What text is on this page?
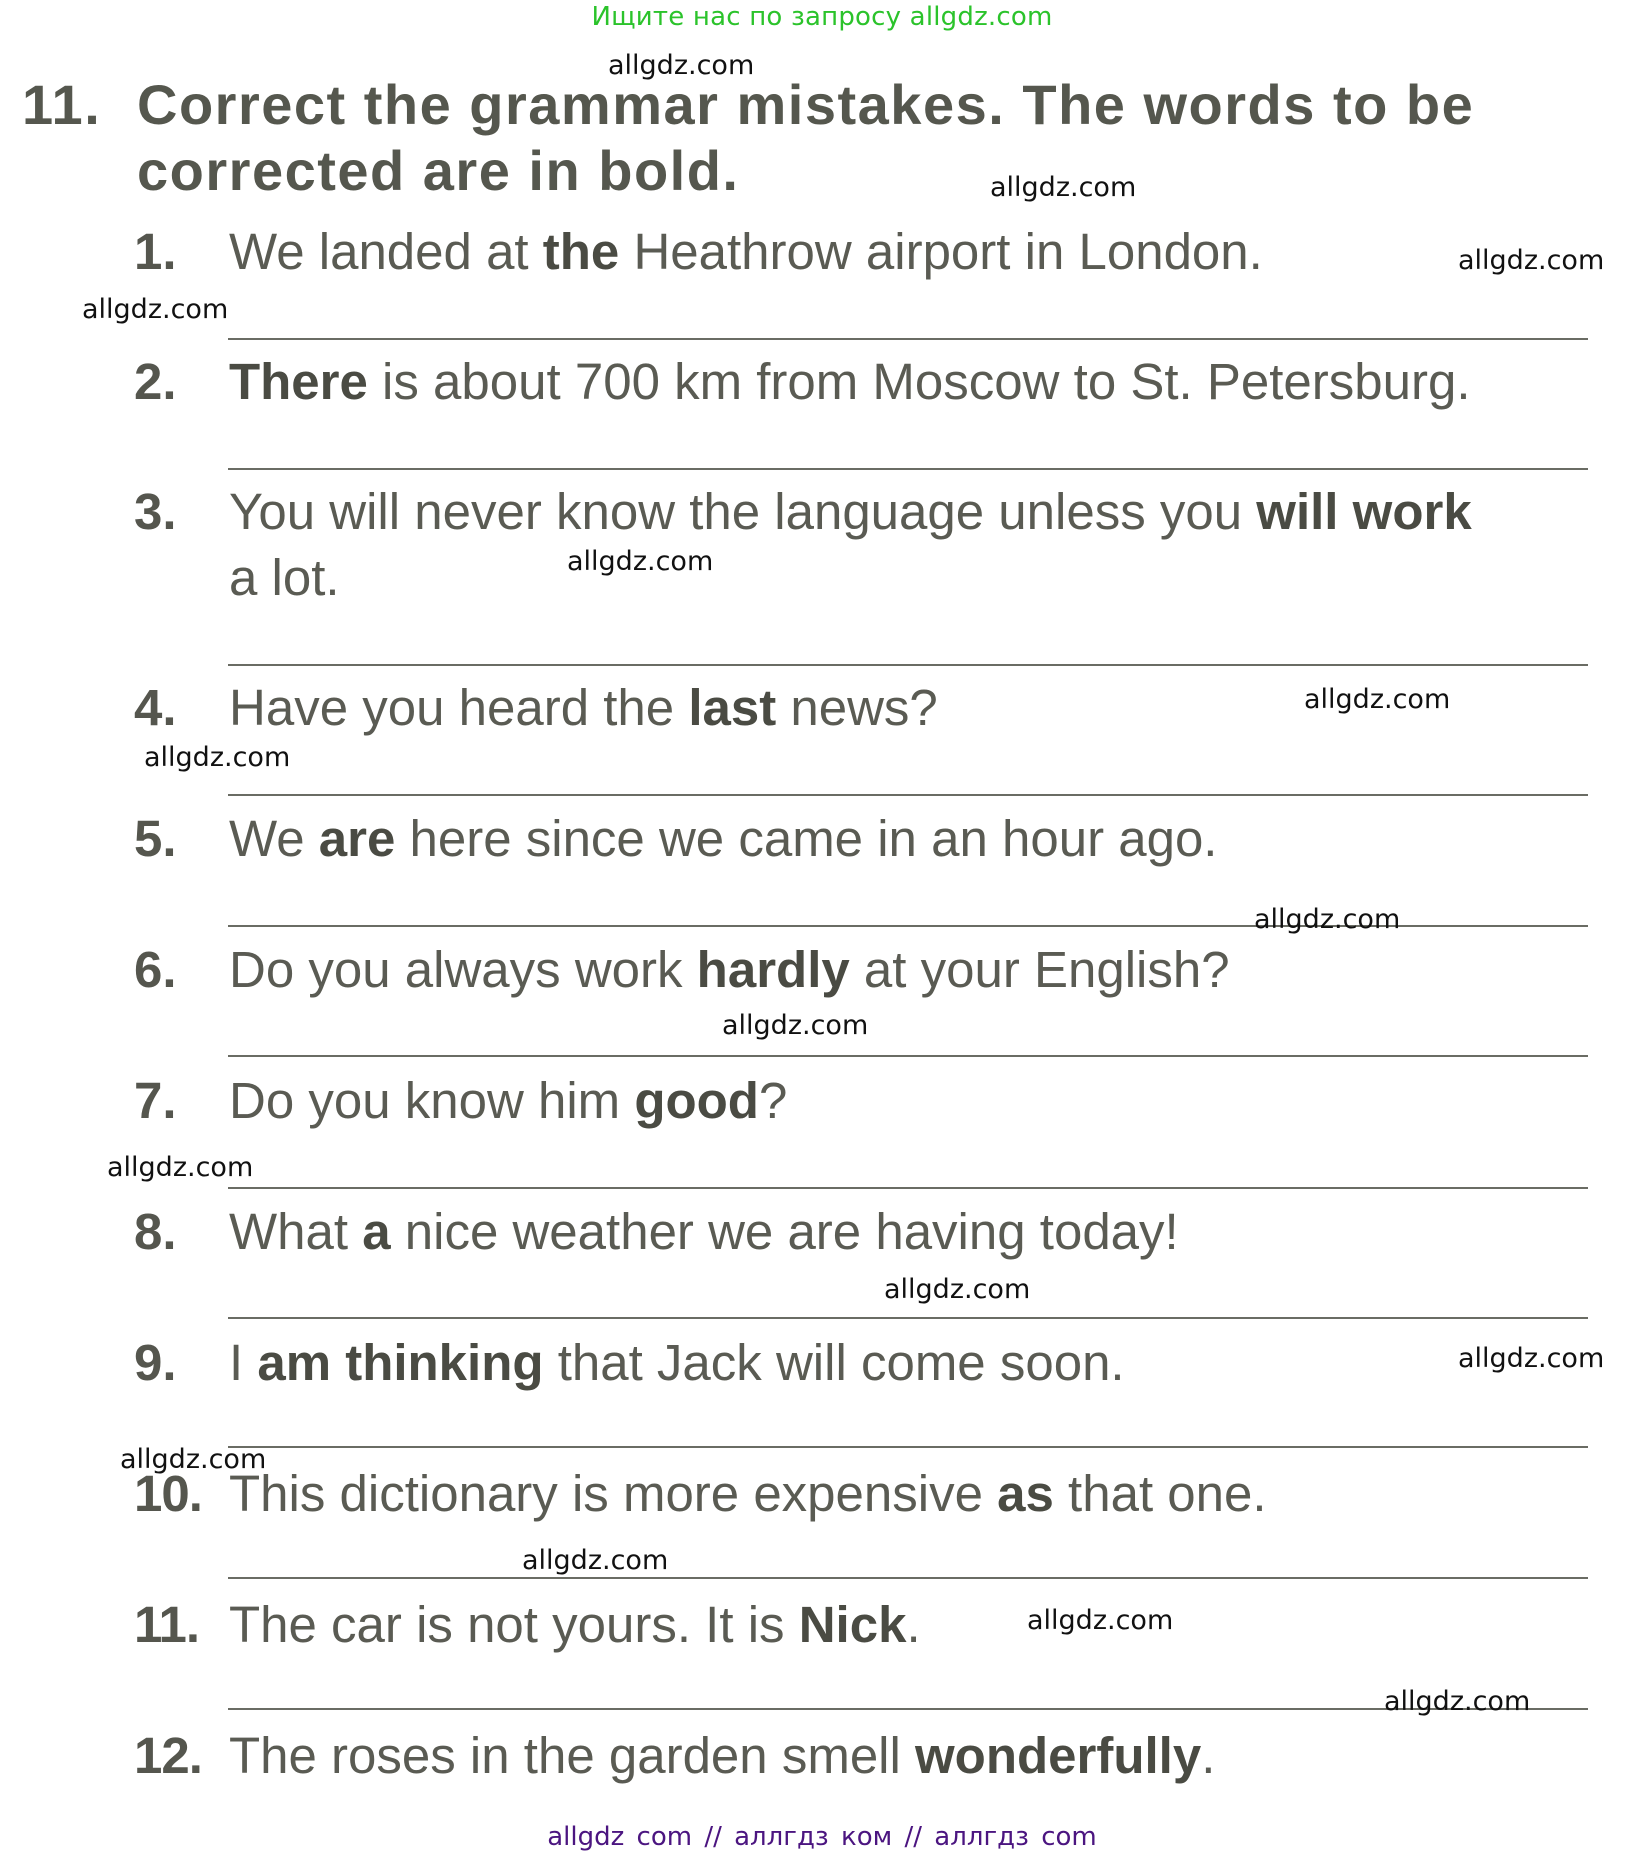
Ищите нас по запросу allgdz.com
11. Correct the grammar mistakes. The words to be
corrected are in bold.
1. We landed at the Heathrow airport in London.
2. There is about 700 km from Moscow to St. Petersburg.
3. You will never know the language unless you will work
a lot.
4. Have you heard the last news?
5. We are here since we came in an hour ago.
6. Do you always work hardly at your English?
7. Do you know him good?
8. What a nice weather we are having today!
9. I am thinking that Jack will come soon.
10. This dictionary is more expensive as that one.
11. The car is not yours. It is Nick.
12. The roses in the garden smell wonderfully.
allgdz.com
allgdz.com
allgdz.com
allgdz.com
allgdz.com
allgdz.com
allgdz.com
allgdz.com
allgdz.com
allgdz.com
allgdz.com
allgdz.com
allgdz.com
allgdz.com
allgdz.com
allgdz.com
allgdz com // аллгдз ком // аллгдз com
